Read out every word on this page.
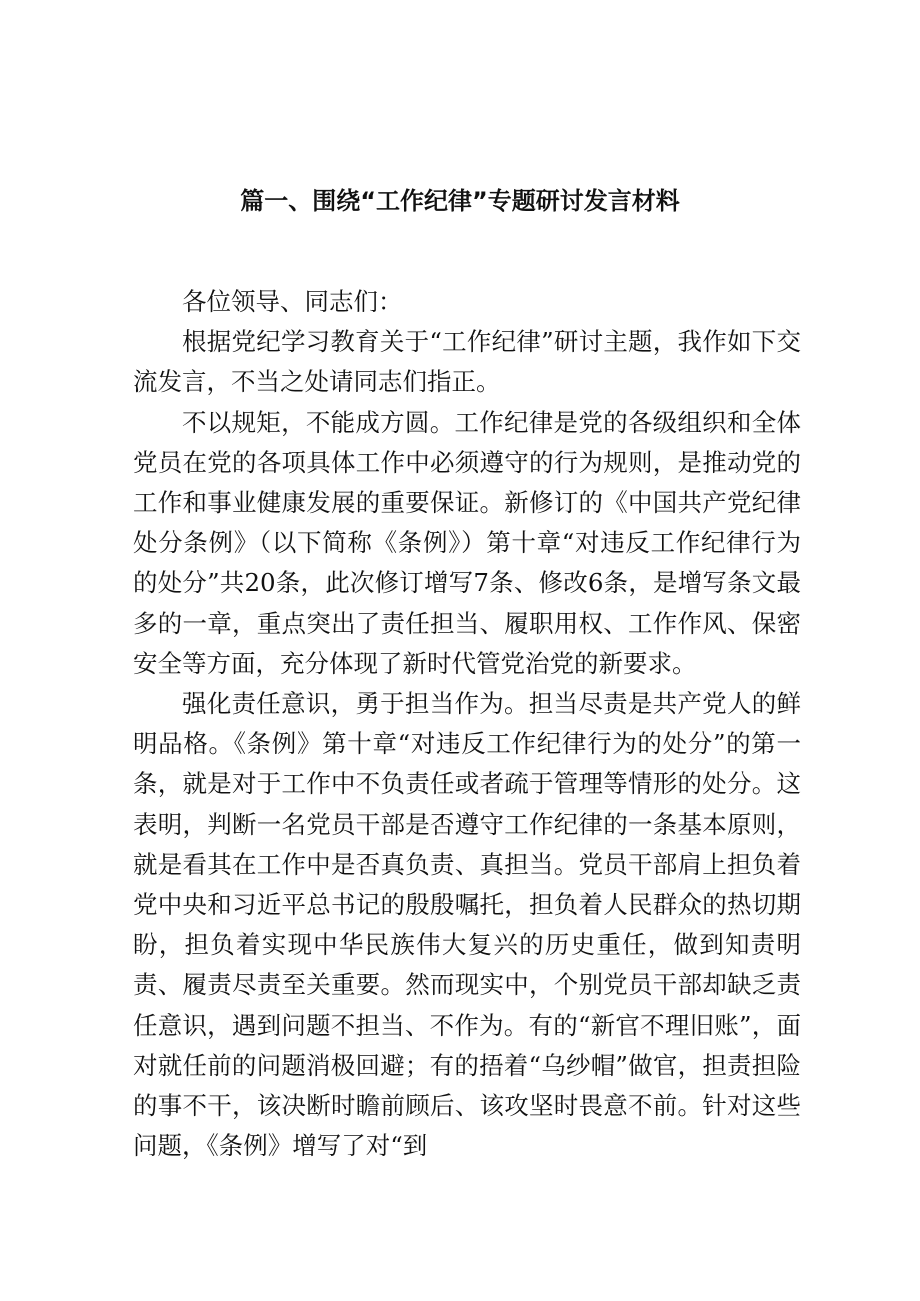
篇一、围绕“工作纪律”专题研讨发言材料

各位领导、同志们：

根据党纪学习教育关于“工作纪律”研讨主题，我作如下交流发言，不当之处请同志们指正。

不以规矩，不能成方圆。工作纪律是党的各级组织和全体党员在党的各项具体工作中必须遵守的行为规则，是推动党的工作和事业健康发展的重要保证。新修订的《中国共产党纪律处分条例》（以下简称《条例》）第十章“对违反工作纪律行为的处分”共20条，此次修订增写7条、修改6条，是增写条文最多的一章，重点突出了责任担当、履职用权、工作作风、保密安全等方面，充分体现了新时代管党治党的新要求。

强化责任意识，勇于担当作为。担当尽责是共产党人的鲜明品格。《条例》第十章“对违反工作纪律行为的处分”的第一条，就是对于工作中不负责任或者疏于管理等情形的处分。这表明，判断一名党员干部是否遵守工作纪律的一条基本原则，就是看其在工作中是否真负责、真担当。党员干部肩上担负着党中央和习近平总书记的殷殷嘱托，担负着人民群众的热切期盼，担负着实现中华民族伟大复兴的历史重任，做到知责明责、履责尽责至关重要。然而现实中，个别党员干部却缺乏责任意识，遇到问题不担当、不作为。有的“新官不理旧账”，面对就任前的问题消极回避；有的捂着“乌纱帽”做官，担责担险的事不干，该决断时瞻前顾后、该攻坚时畏意不前。针对这些问题，《条例》增写了对“到
